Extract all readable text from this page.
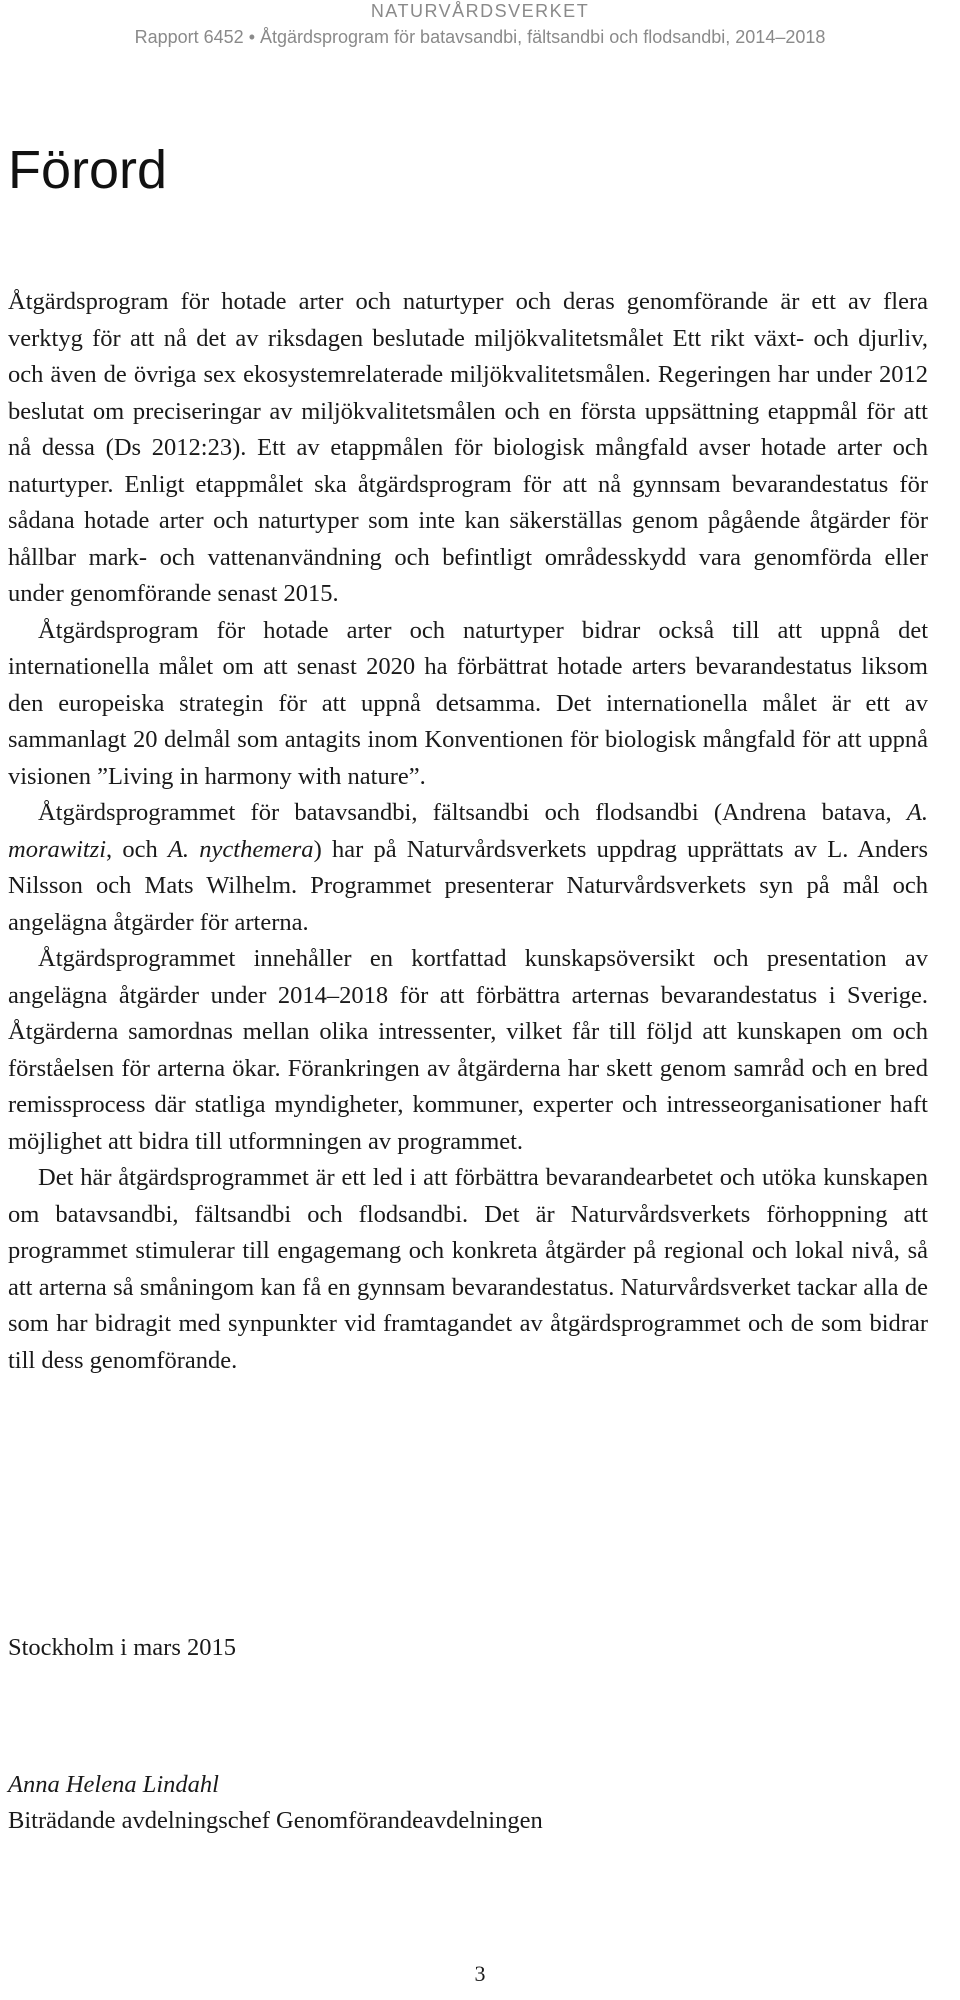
NATURVÅRDSVERKET
Rapport 6452 • Åtgärdsprogram för batavsandbi, fältsandbi och flodsandbi, 2014–2018
Förord

Åtgärdsprogram för hotade arter och naturtyper och deras genomförande är ett av flera verktyg för att nå det av riksdagen beslutade miljökvalitetsmålet Ett rikt växt- och djurliv, och även de övriga sex ekosystemrelaterade miljökvalitetsmålen. Regeringen har under 2012 beslutat om preciseringar av miljökvalitetsmålen och en första uppsättning etappmål för att nå dessa (Ds 2012:23). Ett av etappmålen för biologisk mångfald avser hotade arter och naturtyper. Enligt etappmålet ska åtgärdsprogram för att nå gynnsam bevarandestatus för sådana hotade arter och naturtyper som inte kan säkerställas genom pågående åtgärder för hållbar mark- och vattenanvändning och befintligt områdesskydd vara genomförda eller under genomförande senast 2015.

Åtgärdsprogram för hotade arter och naturtyper bidrar också till att uppnå det internationella målet om att senast 2020 ha förbättrat hotade arters bevarandestatus liksom den europeiska strategin för att uppnå detsamma. Det internationella målet är ett av sammanlagt 20 delmål som antagits inom Konventionen för biologisk mångfald för att uppnå visionen ”Living in harmony with nature”.

Åtgärdsprogrammet för batavsandbi, fältsandbi och flodsandbi (Andrena batava, A. morawitzi, och A. nycthemera) har på Naturvårdsverkets uppdrag upprättats av L. Anders Nilsson och Mats Wilhelm. Programmet presenterar Naturvårdsverkets syn på mål och angelägna åtgärder för arterna.

Åtgärdsprogrammet innehåller en kortfattad kunskapsöversikt och presentation av angelägna åtgärder under 2014–2018 för att förbättra arternas bevarandestatus i Sverige. Åtgärderna samordnas mellan olika intressenter, vilket får till följd att kunskapen om och förståelsen för arterna ökar. Förankringen av åtgärderna har skett genom samråd och en bred remissprocess där statliga myndigheter, kommuner, experter och intresseorganisationer haft möjlighet att bidra till utformningen av programmet.

Det här åtgärdsprogrammet är ett led i att förbättra bevarandearbetet och utöka kunskapen om batavsandbi, fältsandbi och flodsandbi. Det är Naturvårdsverkets förhoppning att programmet stimulerar till engagemang och konkreta åtgärder på regional och lokal nivå, så att arterna så småningom kan få en gynnsam bevarandestatus. Naturvårdsverket tackar alla de som har bidragit med synpunkter vid framtagandet av åtgärdsprogrammet och de som bidrar till dess genomförande.

Stockholm i mars 2015
Anna Helena Lindahl
Biträdande avdelningschef Genomförandeavdelningen
3
